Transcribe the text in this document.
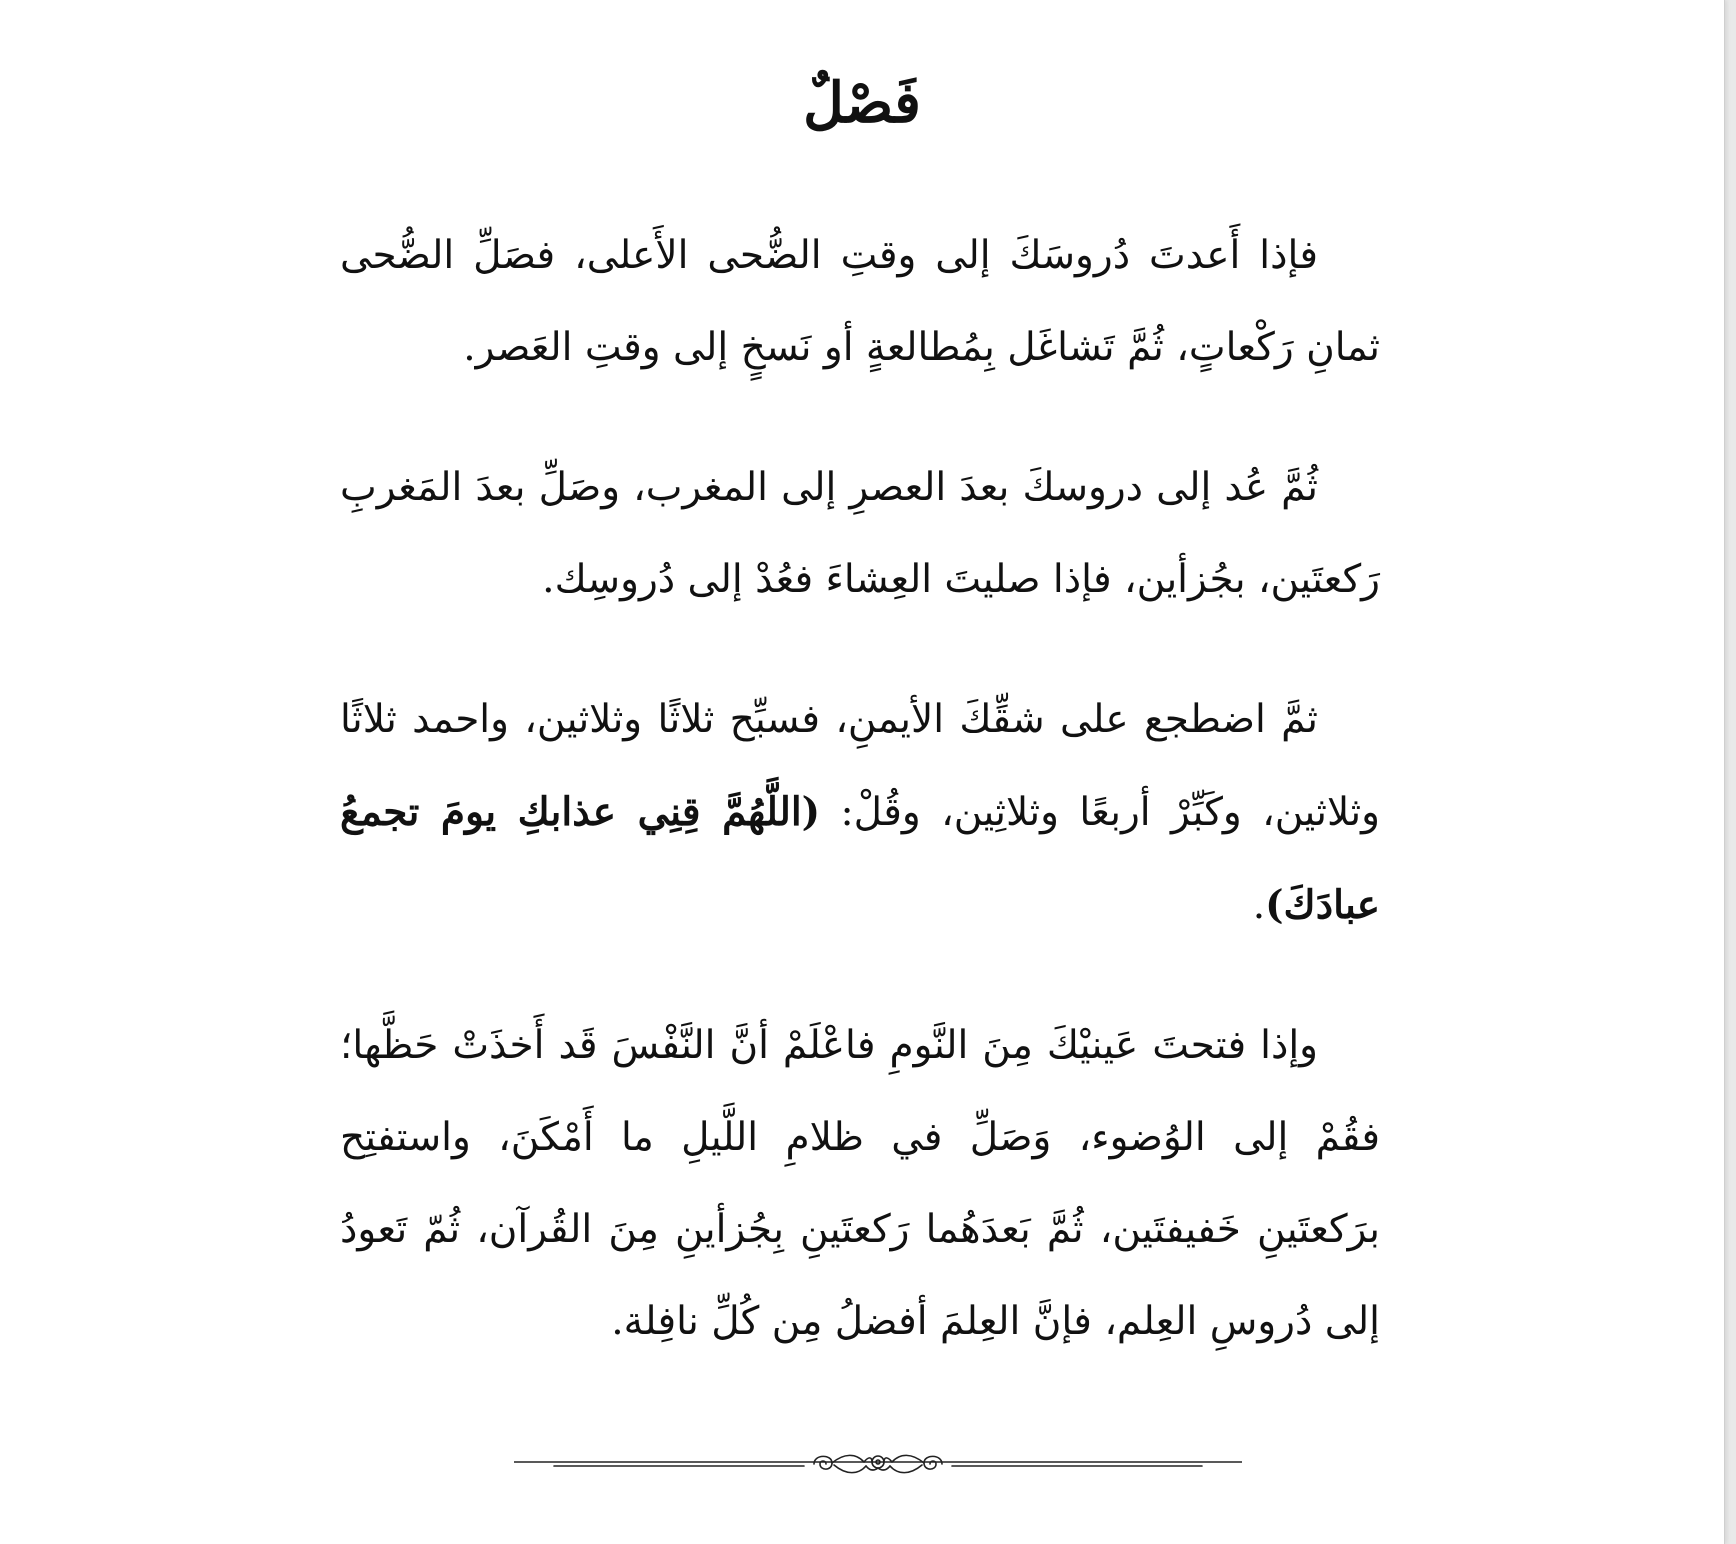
فَصْلٌ

فإذا أَعدتَ دُروسَكَ إلى وقتِ الضُّحى الأَعلى، فصَلِّ الضُّحى ثمانِ رَكْعاتٍ، ثُمَّ تَشاغَل بِمُطالعةٍ أو نَسخٍ إلى وقتِ العَصر.

ثُمَّ عُد إلى دروسكَ بعدَ العصرِ إلى المغرب، وصَلِّ بعدَ المَغربِ رَكعتَين، بجُزأين، فإذا صليتَ العِشاءَ فعُدْ إلى دُروسِك.

ثمَّ اضطجع على شقِّكَ الأيمنِ، فسبِّح ثلاثًا وثلاثين، واحمد ثلاثًا وثلاثين، وكَبِّرْ أربعًا وثلاثِين، وقُلْ: (اللَّهُمَّ قِنِي عذابكِ يومَ تجمعُ عبادَكَ).

وإذا فتحتَ عَينيْكَ مِنَ النَّومِ فاعْلَمْ أنَّ النَّفْسَ قَد أَخذَتْ حَظَّها؛ فقُمْ إلى الوُضوء، وَصَلِّ في ظلامِ اللَّيلِ ما أَمْكَنَ، واستفتِح برَكعتَينِ خَفيفتَين، ثُمَّ بَعدَهُما رَكعتَينِ بِجُزأينِ مِنَ القُرآن، ثُمّ تَعودُ إلى دُروسِ العِلم، فإنَّ العِلمَ أفضلُ مِن كُلِّ نافِلة.
